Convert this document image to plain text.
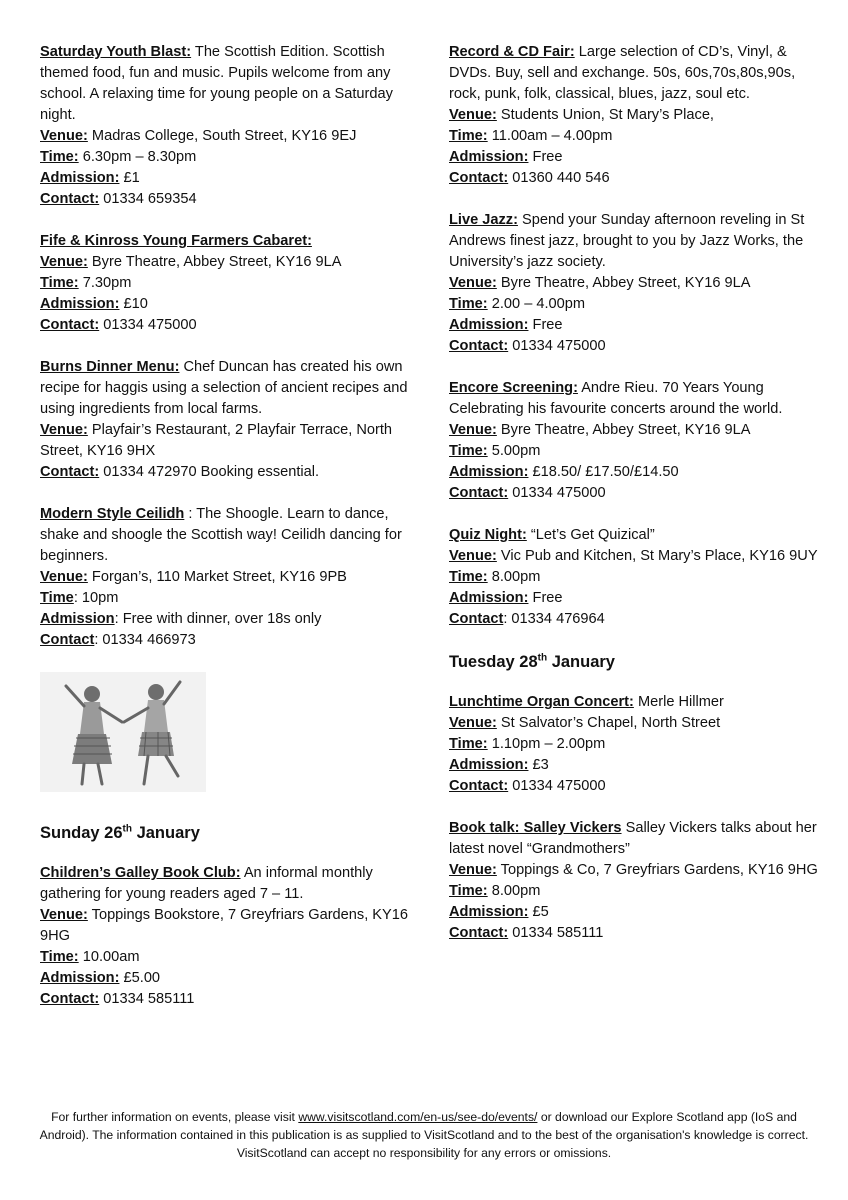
Saturday Youth Blast: The Scottish Edition. Scottish themed food, fun and music. Pupils welcome from any school. A relaxing time for young people on a Saturday night.
Venue: Madras College, South Street, KY16 9EJ
Time: 6.30pm – 8.30pm
Admission: £1
Contact: 01334 659354
Fife & Kinross Young Farmers Cabaret:
Venue: Byre Theatre, Abbey Street, KY16 9LA
Time: 7.30pm
Admission: £10
Contact: 01334 475000
Burns Dinner Menu: Chef Duncan has created his own recipe for haggis using a selection of ancient recipes and using ingredients from local farms.
Venue: Playfair’s Restaurant, 2 Playfair Terrace, North Street, KY16 9HX
Contact: 01334 472970 Booking essential.
Modern Style Ceilidh : The Shoogle. Learn to dance, shake and shoogle the Scottish way! Ceilidh dancing for beginners.
Venue: Forgan’s, 110 Market Street, KY16 9PB
Time: 10pm
Admission: Free with dinner, over 18s only
Contact: 01334 466973
Sunday 26th January
Children’s Galley Book Club: An informal monthly gathering for young readers aged 7 – 11.
Venue: Toppings Bookstore, 7 Greyfriars Gardens, KY16 9HG
Time: 10.00am
Admission: £5.00
Contact: 01334 585111
Record & CD Fair: Large selection of CD’s, Vinyl, & DVDs. Buy, sell and exchange. 50s, 60s,70s,80s,90s, rock, punk, folk, classical, blues, jazz, soul etc.
Venue: Students Union, St Mary’s Place,
Time: 11.00am – 4.00pm
Admission: Free
Contact: 01360 440 546
Live Jazz: Spend your Sunday afternoon reveling in St Andrews finest jazz, brought to you by Jazz Works, the University’s jazz society.
Venue: Byre Theatre, Abbey Street, KY16 9LA
Time: 2.00 – 4.00pm
Admission: Free
Contact: 01334 475000
Encore Screening: Andre Rieu. 70 Years Young Celebrating his favourite concerts around the world.
Venue: Byre Theatre, Abbey Street, KY16 9LA
Time: 5.00pm
Admission: £18.50/ £17.50/£14.50
Contact: 01334 475000
Quiz Night: “Let’s Get Quizical”
Venue: Vic Pub and Kitchen, St Mary’s Place, KY16 9UY
Time: 8.00pm
Admission: Free
Contact: 01334 476964
Tuesday 28th January
Lunchtime Organ Concert: Merle Hillmer
Venue: St Salvator’s Chapel, North Street
Time: 1.10pm – 2.00pm
Admission: £3
Contact: 01334 475000
Book talk: Salley Vickers Salley Vickers talks about her latest novel “Grandmothers”
Venue: Toppings & Co, 7 Greyfriars Gardens, KY16 9HG
Time: 8.00pm
Admission: £5
Contact: 01334 585111
For further information on events, please visit www.visitscotland.com/en-us/see-do/events/ or download our Explore Scotland app (IoS and Android). The information contained in this publication is as supplied to VisitScotland and to the best of the organisation's knowledge is correct. VisitScotland can accept no responsibility for any errors or omissions.
